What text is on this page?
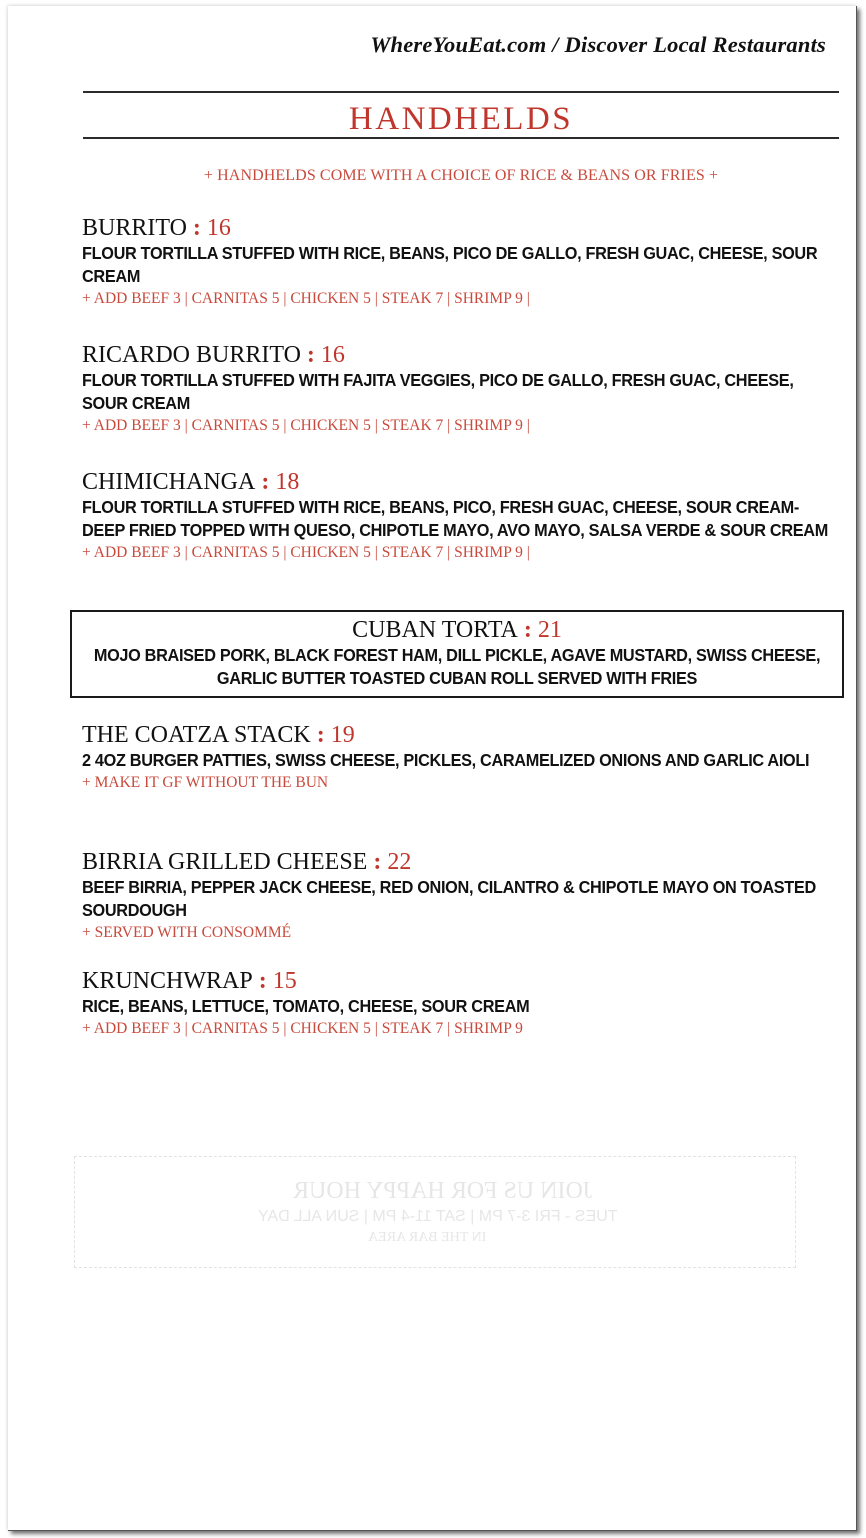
JOIN US FOR HAPPY HOUR
TUES - FRI 3-7 PM | SAT 11-4 PM | SUN ALL DAY
IN THE BAR AREA
WhereYouEat.com / Discover Local Restaurants
HANDHELDS
+ HANDHELDS COME WITH A CHOICE OF RICE & BEANS OR FRIES +
BURRITO : 16
FLOUR TORTILLA STUFFED WITH RICE, BEANS, PICO DE GALLO, FRESH GUAC, CHEESE, SOUR CREAM
+ ADD BEEF 3 | CARNITAS 5 | CHICKEN 5 | STEAK 7 | SHRIMP 9 |
RICARDO BURRITO : 16
FLOUR TORTILLA STUFFED WITH FAJITA VEGGIES, PICO DE GALLO, FRESH GUAC, CHEESE, SOUR CREAM
+ ADD BEEF 3 | CARNITAS 5 | CHICKEN 5 | STEAK 7 | SHRIMP 9 |
CHIMICHANGA : 18
FLOUR TORTILLA STUFFED WITH RICE, BEANS, PICO, FRESH GUAC, CHEESE, SOUR CREAM-DEEP FRIED TOPPED WITH QUESO, CHIPOTLE MAYO, AVO MAYO, SALSA VERDE & SOUR CREAM
+ ADD BEEF 3 | CARNITAS 5 | CHICKEN 5 | STEAK 7 | SHRIMP 9 |
CUBAN TORTA : 21
MOJO BRAISED PORK, BLACK FOREST HAM, DILL PICKLE, AGAVE MUSTARD, SWISS CHEESE, GARLIC BUTTER TOASTED CUBAN ROLL SERVED WITH FRIES
THE COATZA STACK : 19
2 4OZ BURGER PATTIES, SWISS CHEESE, PICKLES, CARAMELIZED ONIONS AND GARLIC AIOLI
+ MAKE IT GF WITHOUT THE BUN
BIRRIA GRILLED CHEESE : 22
BEEF BIRRIA, PEPPER JACK CHEESE, RED ONION, CILANTRO & CHIPOTLE MAYO ON TOASTED SOURDOUGH
+ SERVED WITH CONSOMMÉ
KRUNCHWRAP : 15
RICE, BEANS, LETTUCE, TOMATO, CHEESE, SOUR CREAM
+ ADD BEEF 3 | CARNITAS 5 | CHICKEN 5 | STEAK 7 | SHRIMP 9
